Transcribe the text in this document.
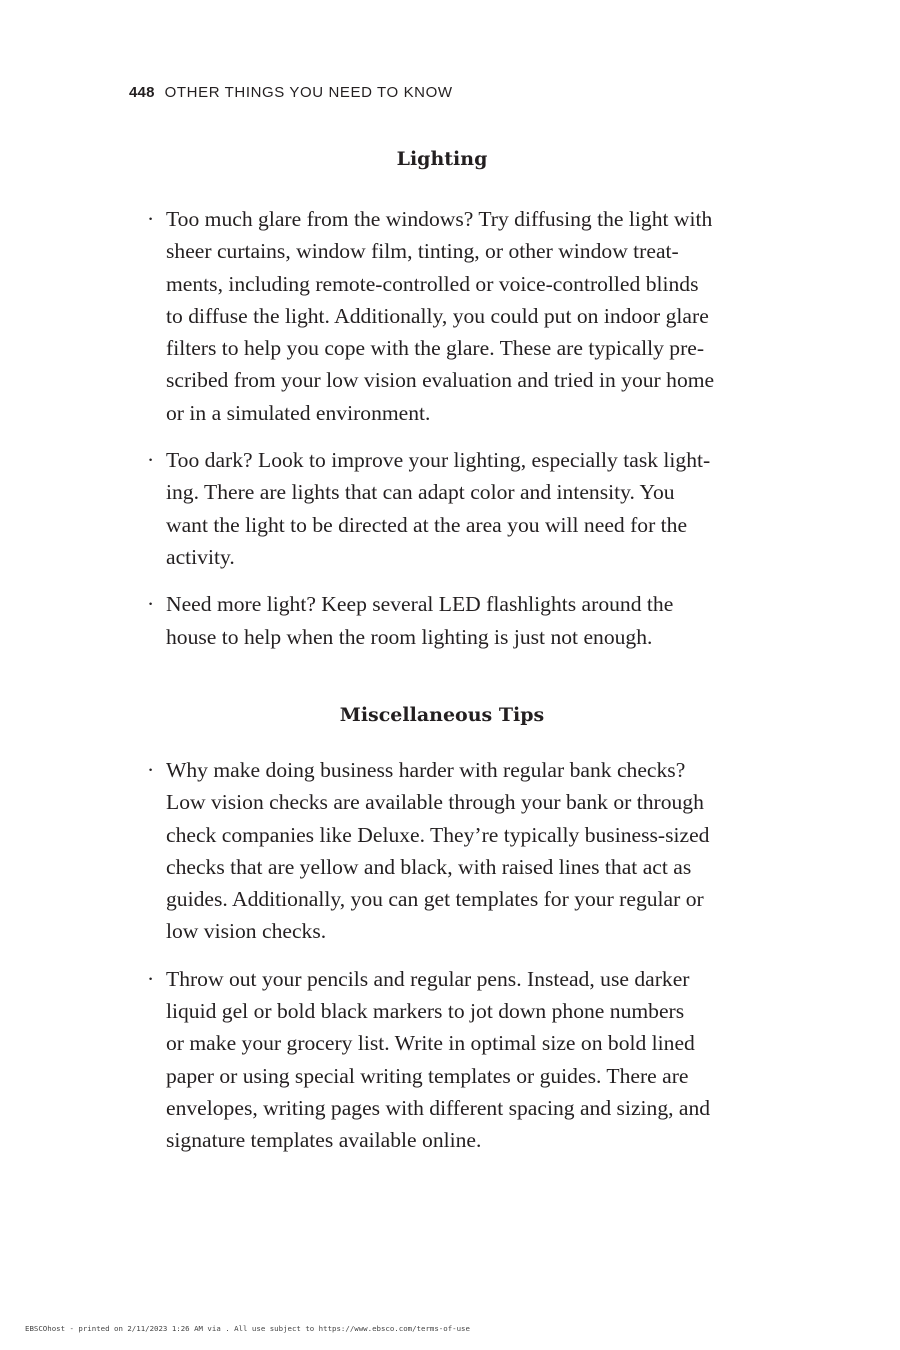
448 OTHER THINGS YOU NEED TO KNOW
Lighting
· Too much glare from the windows? Try diffusing the light with
sheer curtains, window film, tinting, or other window treat-
ments, including remote-controlled or voice-controlled blinds
to diffuse the light. Additionally, you could put on indoor glare
filters to help you cope with the glare. These are typically pre-
scribed from your low vision evaluation and tried in your home
or in a simulated environment.
· Too dark? Look to improve your lighting, especially task light-
ing. There are lights that can adapt color and intensity. You
want the light to be directed at the area you will need for the
activity.
· Need more light? Keep several LED flashlights around the
house to help when the room lighting is just not enough.
Miscellaneous Tips
· Why make doing business harder with regular bank checks?
Low vision checks are available through your bank or through
check companies like Deluxe. They’re typically business-sized
checks that are yellow and black, with raised lines that act as
guides. Additionally, you can get templates for your regular or
low vision checks.
· Throw out your pencils and regular pens. Instead, use darker
liquid gel or bold black markers to jot down phone numbers
or make your grocery list. Write in optimal size on bold lined
paper or using special writing templates or guides. There are
envelopes, writing pages with different spacing and sizing, and
signature templates available online.
EBSCOhost - printed on 2/11/2023 1:26 AM via . All use subject to https://www.ebsco.com/terms-of-use
